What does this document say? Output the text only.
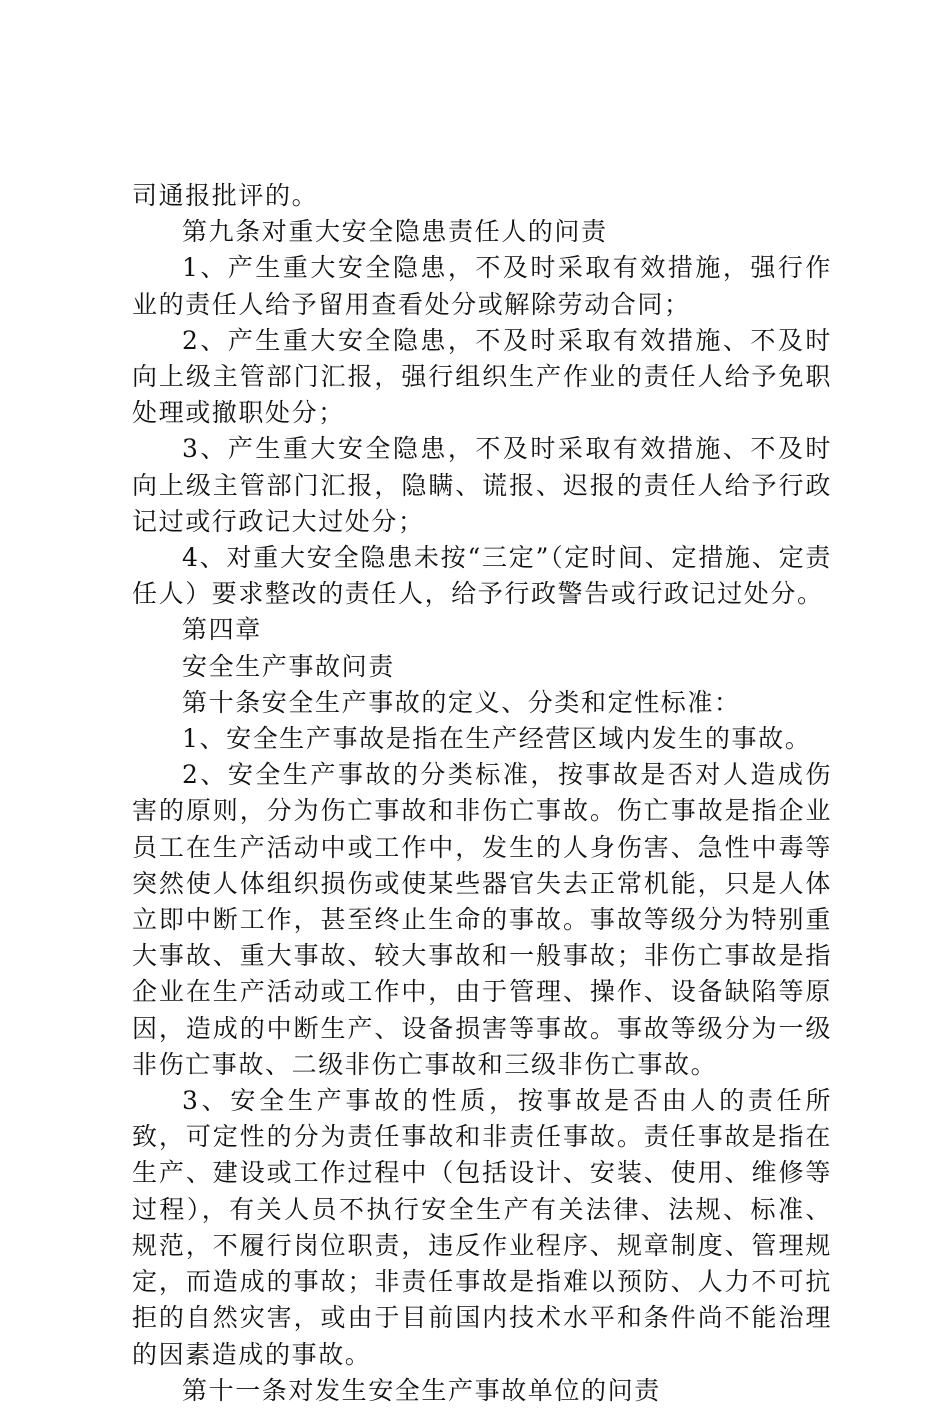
司通报批评的。

第九条对重大安全隐患责任人的问责

1、产生重大安全隐患，不及时采取有效措施，强行作业的责任人给予留用查看处分或解除劳动合同；

2、产生重大安全隐患，不及时采取有效措施、不及时向上级主管部门汇报，强行组织生产作业的责任人给予免职处理或撤职处分；

3、产生重大安全隐患，不及时采取有效措施、不及时向上级主管部门汇报，隐瞒、谎报、迟报的责任人给予行政记过或行政记大过处分；

4、对重大安全隐患未按“三定”（定时间、定措施、定责任人）要求整改的责任人，给予行政警告或行政记过处分。

第四章

安全生产事故问责

第十条安全生产事故的定义、分类和定性标准：

1、安全生产事故是指在生产经营区域内发生的事故。

2、安全生产事故的分类标准，按事故是否对人造成伤害的原则，分为伤亡事故和非伤亡事故。伤亡事故是指企业员工在生产活动中或工作中，发生的人身伤害、急性中毒等突然使人体组织损伤或使某些器官失去正常机能，只是人体立即中断工作，甚至终止生命的事故。事故等级分为特别重大事故、重大事故、较大事故和一般事故；非伤亡事故是指企业在生产活动或工作中，由于管理、操作、设备缺陷等原因，造成的中断生产、设备损害等事故。事故等级分为一级非伤亡事故、二级非伤亡事故和三级非伤亡事故。

3、安全生产事故的性质，按事故是否由人的责任所致，可定性的分为责任事故和非责任事故。责任事故是指在生产、建设或工作过程中（包括设计、安装、使用、维修等过程），有关人员不执行安全生产有关法律、法规、标准、规范，不履行岗位职责，违反作业程序、规章制度、管理规定，而造成的事故；非责任事故是指难以预防、人力不可抗拒的自然灾害，或由于目前国内技术水平和条件尚不能治理的因素造成的事故。

第十一条对发生安全生产事故单位的问责
